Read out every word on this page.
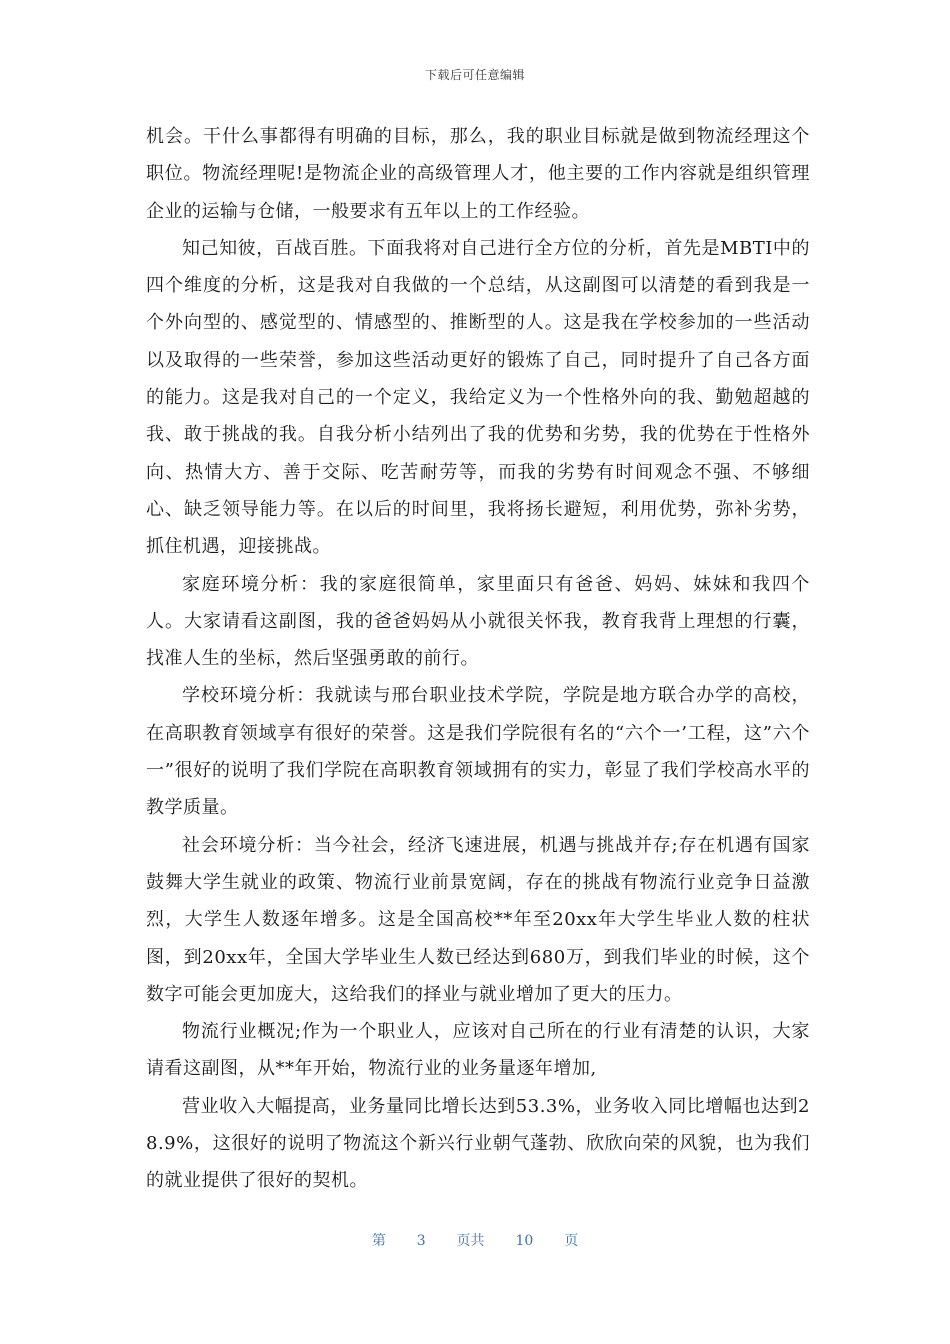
下载后可任意编辑

机会。干什么事都得有明确的目标，那么，我的职业目标就是做到物流经理这个职位。物流经理呢!是物流企业的高级管理人才，他主要的工作内容就是组织管理企业的运输与仓储，一般要求有五年以上的工作经验。

知己知彼，百战百胜。下面我将对自己进行全方位的分析，首先是MBTI中的四个维度的分析，这是我对自我做的一个总结，从这副图可以清楚的看到我是一个外向型的、感觉型的、情感型的、推断型的人。这是我在学校参加的一些活动以及取得的一些荣誉，参加这些活动更好的锻炼了自己，同时提升了自己各方面的能力。这是我对自己的一个定义，我给定义为一个性格外向的我、勤勉超越的我、敢于挑战的我。自我分析小结列出了我的优势和劣势，我的优势在于性格外向、热情大方、善于交际、吃苦耐劳等，而我的劣势有时间观念不强、不够细心、缺乏领导能力等。在以后的时间里，我将扬长避短，利用优势，弥补劣势，抓住机遇，迎接挑战。

家庭环境分析：我的家庭很简单，家里面只有爸爸、妈妈、妹妹和我四个人。大家请看这副图，我的爸爸妈妈从小就很关怀我，教育我背上理想的行囊，找准人生的坐标，然后坚强勇敢的前行。

学校环境分析：我就读与邢台职业技术学院，学院是地方联合办学的高校，在高职教育领域享有很好的荣誉。这是我们学院很有名的“六个一’工程，这”六个一”很好的说明了我们学院在高职教育领域拥有的实力，彰显了我们学校高水平的教学质量。

社会环境分析：当今社会，经济飞速进展，机遇与挑战并存;存在机遇有国家鼓舞大学生就业的政策、物流行业前景宽阔，存在的挑战有物流行业竞争日益激烈，大学生人数逐年增多。这是全国高校**年至20xx年大学生毕业人数的柱状图，到20xx年，全国大学毕业生人数已经达到680万，到我们毕业的时候，这个数字可能会更加庞大，这给我们的择业与就业增加了更大的压力。

物流行业概况;作为一个职业人，应该对自己所在的行业有清楚的认识，大家请看这副图，从**年开始，物流行业的业务量逐年增加,

营业收入大幅提高，业务量同比增长达到53.3%，业务收入同比增幅也达到28.9%，这很好的说明了物流这个新兴行业朝气蓬勃、欣欣向荣的风貌，也为我们的就业提供了很好的契机。

第 3 页共 10 页
